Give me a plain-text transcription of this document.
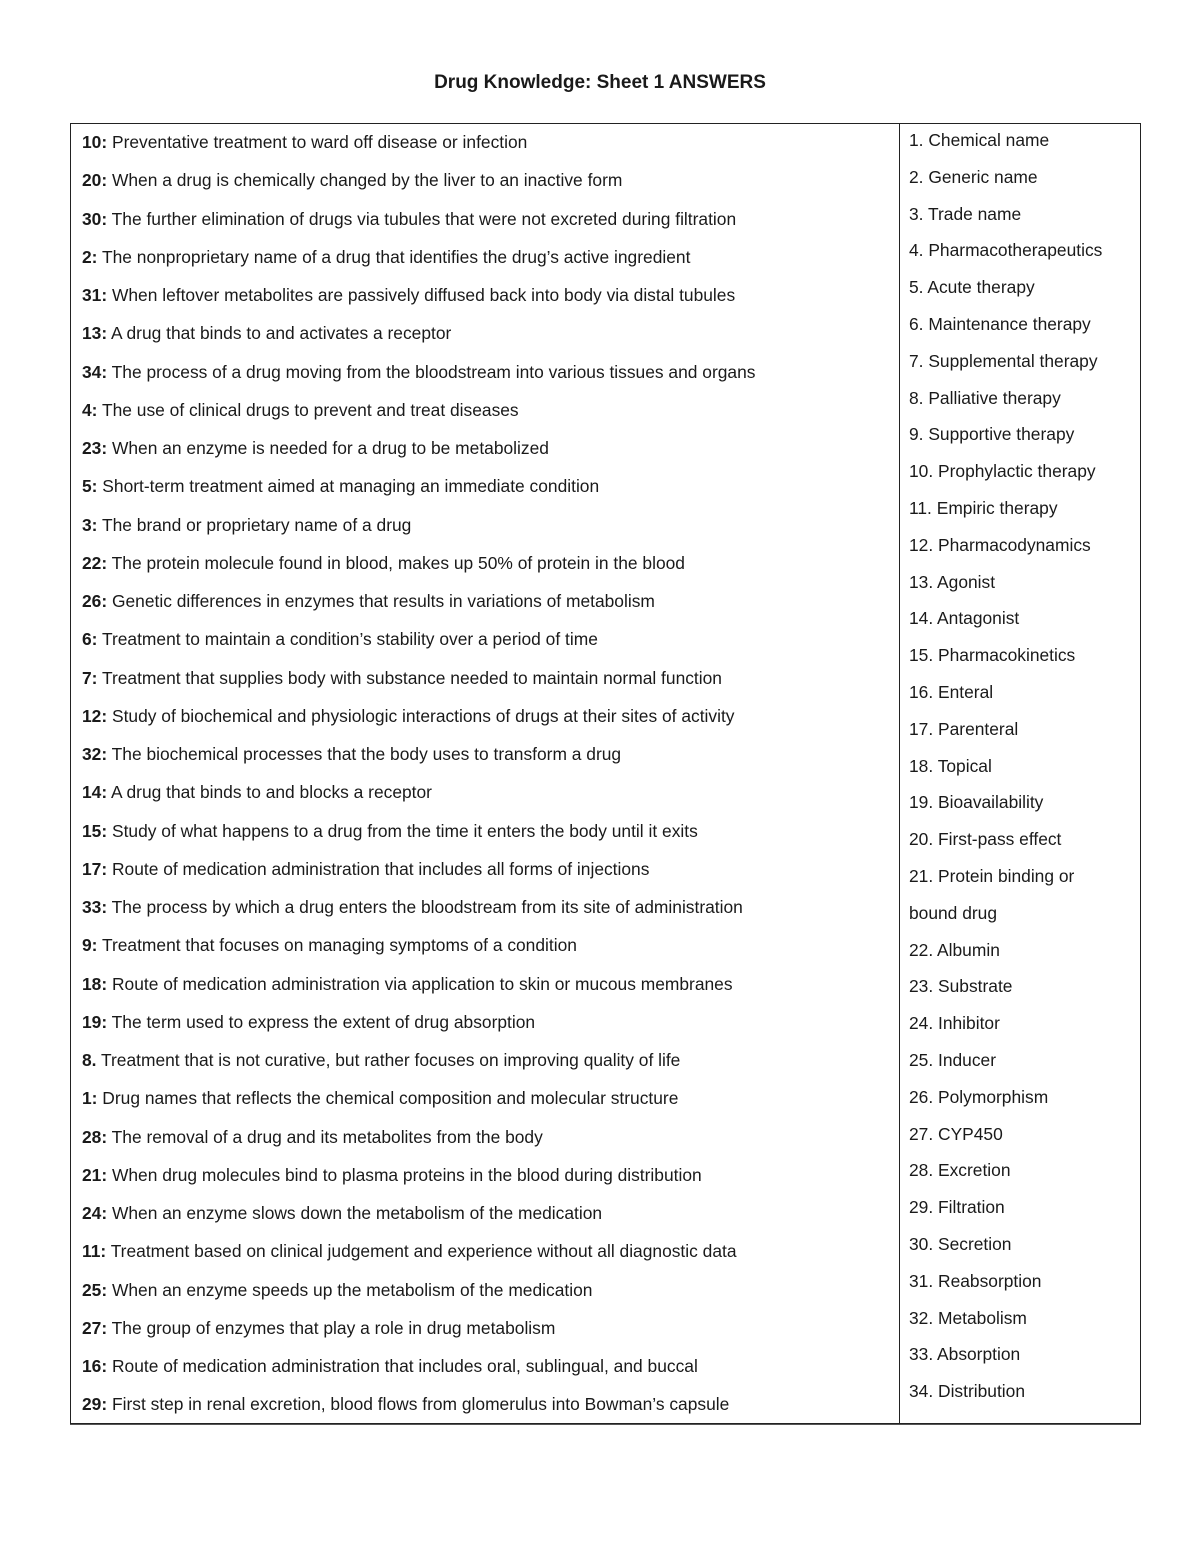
Drug Knowledge: Sheet 1 ANSWERS
10: Preventative treatment to ward off disease or infection
20: When a drug is chemically changed by the liver to an inactive form
30: The further elimination of drugs via tubules that were not excreted during filtration
2: The nonproprietary name of a drug that identifies the drug’s active ingredient
31: When leftover metabolites are passively diffused back into body via distal tubules
13: A drug that binds to and activates a receptor
34: The process of a drug moving from the bloodstream into various tissues and organs
4: The use of clinical drugs to prevent and treat diseases
23: When an enzyme is needed for a drug to be metabolized
5: Short-term treatment aimed at managing an immediate condition
3: The brand or proprietary name of a drug
22: The protein molecule found in blood, makes up 50% of protein in the blood
26: Genetic differences in enzymes that results in variations of metabolism
6: Treatment to maintain a condition’s stability over a period of time
7: Treatment that supplies body with substance needed to maintain normal function
12: Study of biochemical and physiologic interactions of drugs at their sites of activity
32: The biochemical processes that the body uses to transform a drug
14: A drug that binds to and blocks a receptor
15: Study of what happens to a drug from the time it enters the body until it exits
17: Route of medication administration that includes all forms of injections
33: The process by which a drug enters the bloodstream from its site of administration
9: Treatment that focuses on managing symptoms of a condition
18: Route of medication administration via application to skin or mucous membranes
19: The term used to express the extent of drug absorption
8. Treatment that is not curative, but rather focuses on improving quality of life
1: Drug names that reflects the chemical composition and molecular structure
28: The removal of a drug and its metabolites from the body
21: When drug molecules bind to plasma proteins in the blood during distribution
24: When an enzyme slows down the metabolism of the medication
11: Treatment based on clinical judgement and experience without all diagnostic data
25: When an enzyme speeds up the metabolism of the medication
27: The group of enzymes that play a role in drug metabolism
16: Route of medication administration that includes oral, sublingual, and buccal
29: First step in renal excretion, blood flows from glomerulus into Bowman’s capsule
1. Chemical name
2. Generic name
3. Trade name
4. Pharmacotherapeutics
5. Acute therapy
6. Maintenance therapy
7. Supplemental therapy
8. Palliative therapy
9. Supportive therapy
10. Prophylactic therapy
11. Empiric therapy
12. Pharmacodynamics
13. Agonist
14. Antagonist
15. Pharmacokinetics
16. Enteral
17. Parenteral
18. Topical
19. Bioavailability
20. First-pass effect
21. Protein binding or
bound drug
22. Albumin
23. Substrate
24. Inhibitor
25. Inducer
26. Polymorphism
27. CYP450
28. Excretion
29. Filtration
30. Secretion
31. Reabsorption
32. Metabolism
33. Absorption
34. Distribution
